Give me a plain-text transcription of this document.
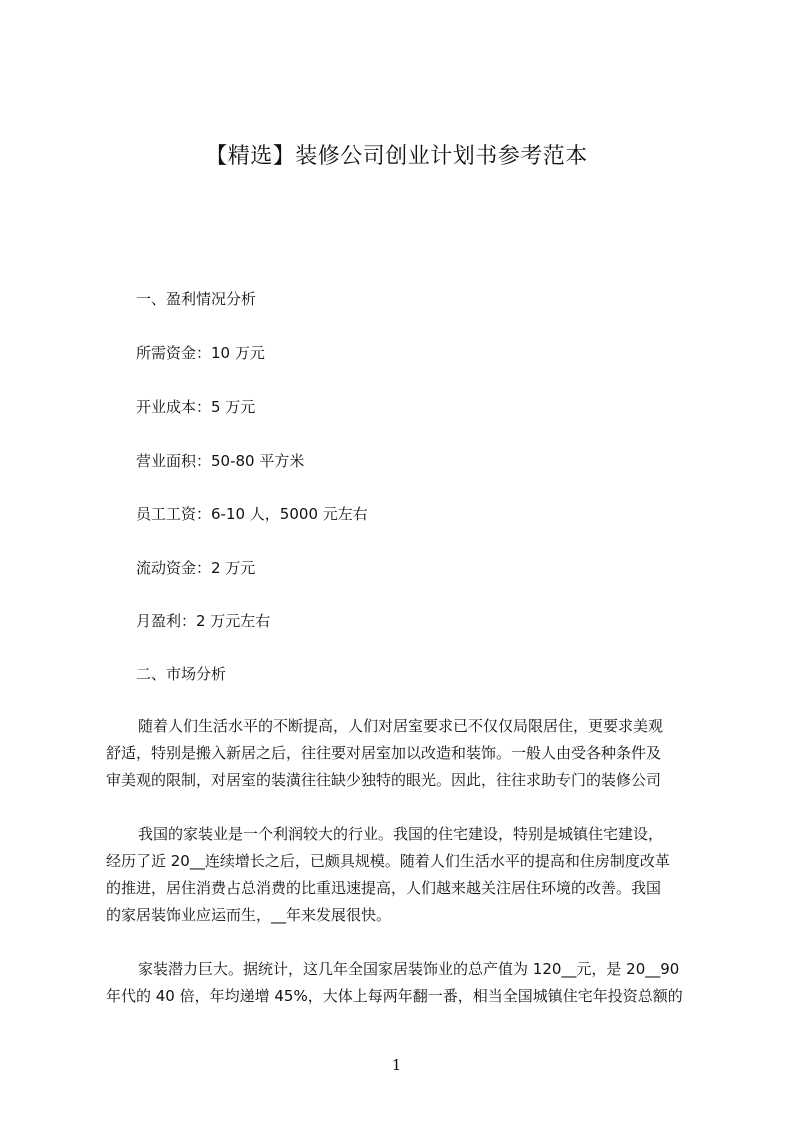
【精选】装修公司创业计划书参考范本
一、盈利情况分析
所需资金：10 万元
开业成本：5 万元
营业面积：50-80 平方米
员工工资：6-10 人，5000 元左右
流动资金：2 万元
月盈利：2 万元左右
二、市场分析
随着人们生活水平的不断提高，人们对居室要求已不仅仅局限居住，更要求美观
舒适，特别是搬入新居之后，往往要对居室加以改造和装饰。一般人由受各种条件及
审美观的限制，对居室的装潢往往缺少独特的眼光。因此，往往求助专门的装修公司
我国的家装业是一个利润较大的行业。我国的住宅建设，特别是城镇住宅建设，
经历了近 20__连续增长之后，已颇具规模。随着人们生活水平的提高和住房制度改革
的推进，居住消费占总消费的比重迅速提高，人们越来越关注居住环境的改善。我国
的家居装饰业应运而生，__年来发展很快。
家装潜力巨大。据统计，这几年全国家居装饰业的总产值为 120__元，是 20__90
年代的 40 倍，年均递增 45%，大体上每两年翻一番，相当全国城镇住宅年投资总额的
1
